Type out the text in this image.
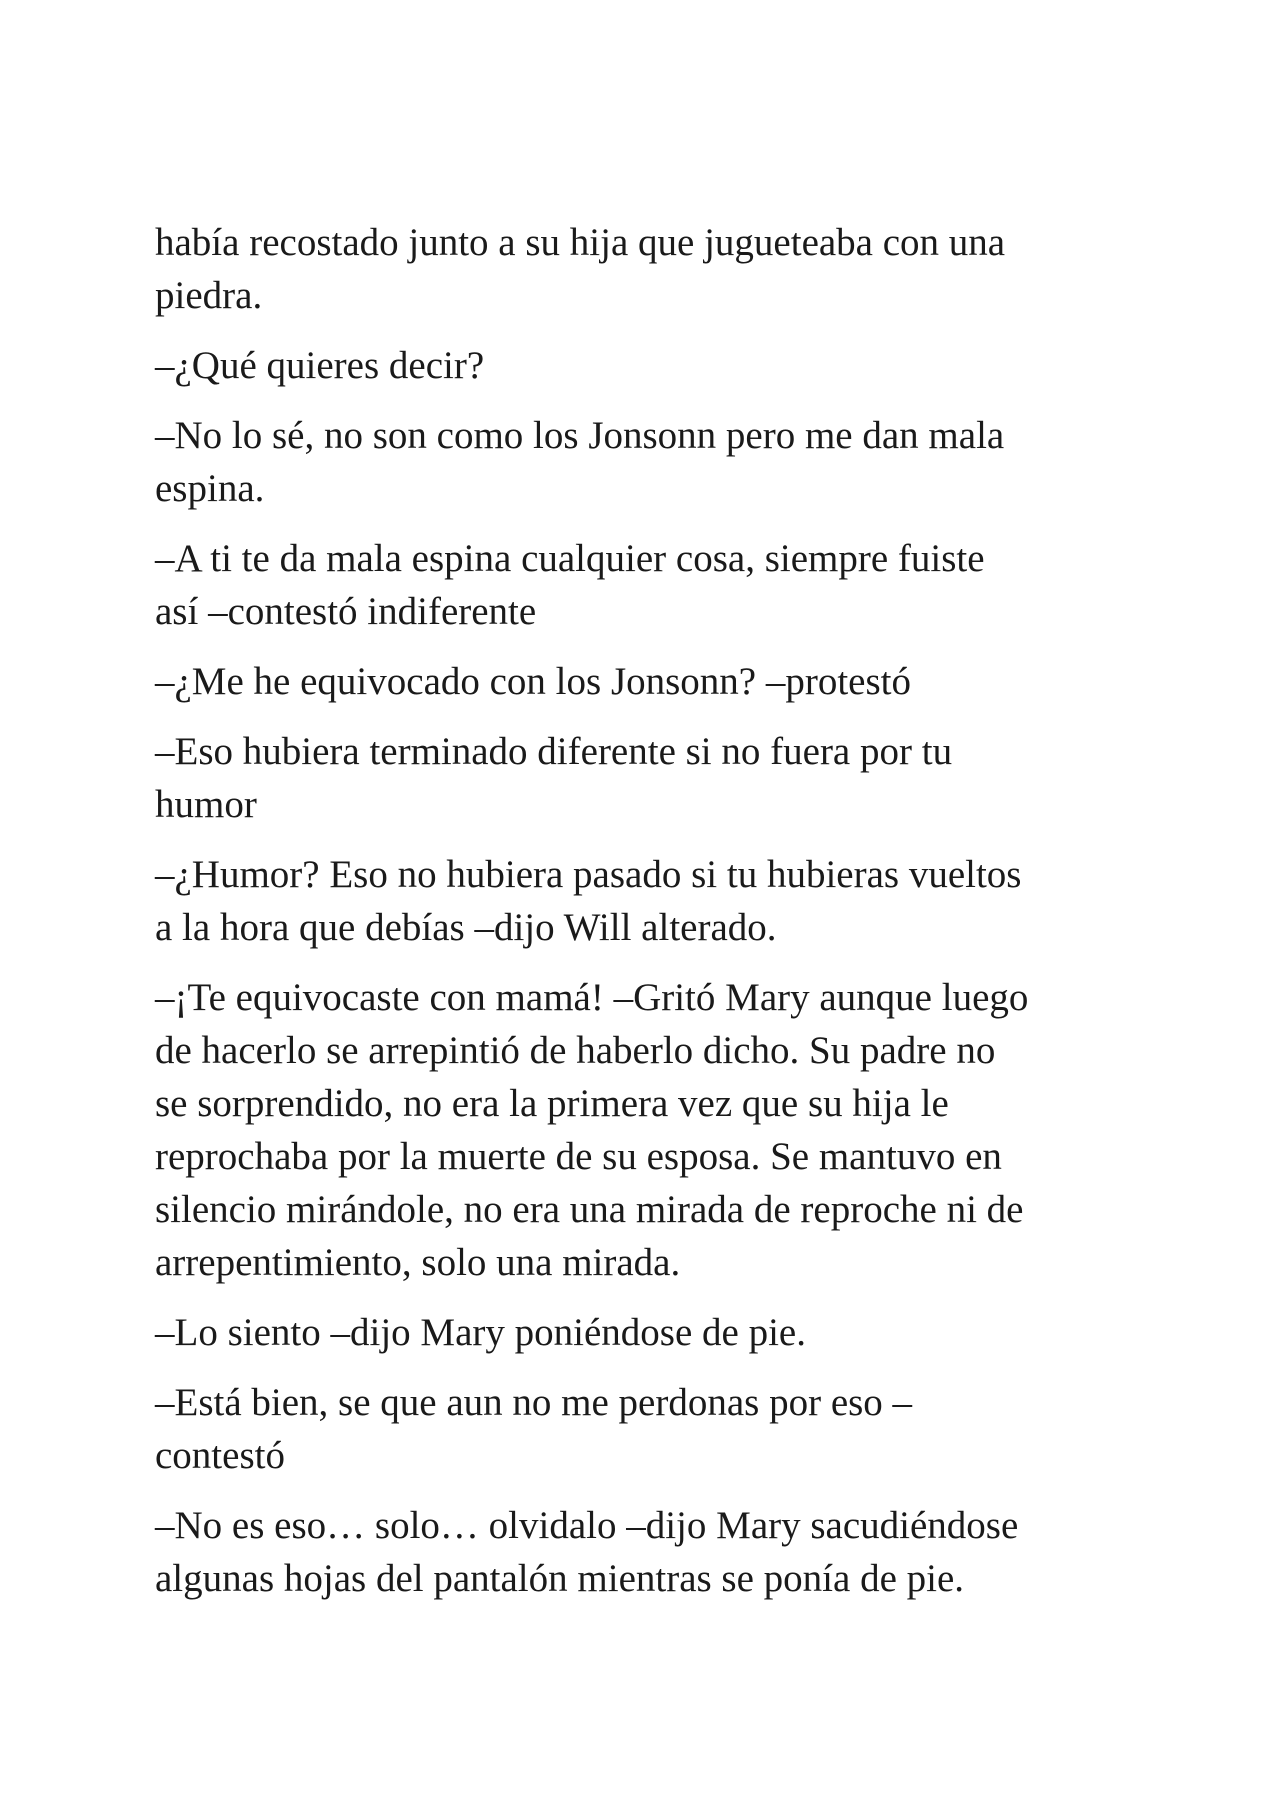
había recostado junto a su hija que jugueteaba con una
piedra.

–¿Qué quieres decir?

–No lo sé, no son como los Jonsonn pero me dan mala
espina.

–A ti te da mala espina cualquier cosa, siempre fuiste
así –contestó indiferente

–¿Me he equivocado con los Jonsonn? –protestó

–Eso hubiera terminado diferente si no fuera por tu
humor

–¿Humor? Eso no hubiera pasado si tu hubieras vueltos
a la hora que debías –dijo Will alterado.

–¡Te equivocaste con mamá! –Gritó Mary aunque luego
de hacerlo se arrepintió de haberlo dicho. Su padre no
se sorprendido, no era la primera vez que su hija le
reprochaba por la muerte de su esposa. Se mantuvo en
silencio mirándole, no era una mirada de reproche ni de
arrepentimiento, solo una mirada.

–Lo siento –dijo Mary poniéndose de pie.

–Está bien, se que aun no me perdonas por eso –
contestó

–No es eso… solo… olvidalo –dijo Mary sacudiéndose
algunas hojas del pantalón mientras se ponía de pie.
